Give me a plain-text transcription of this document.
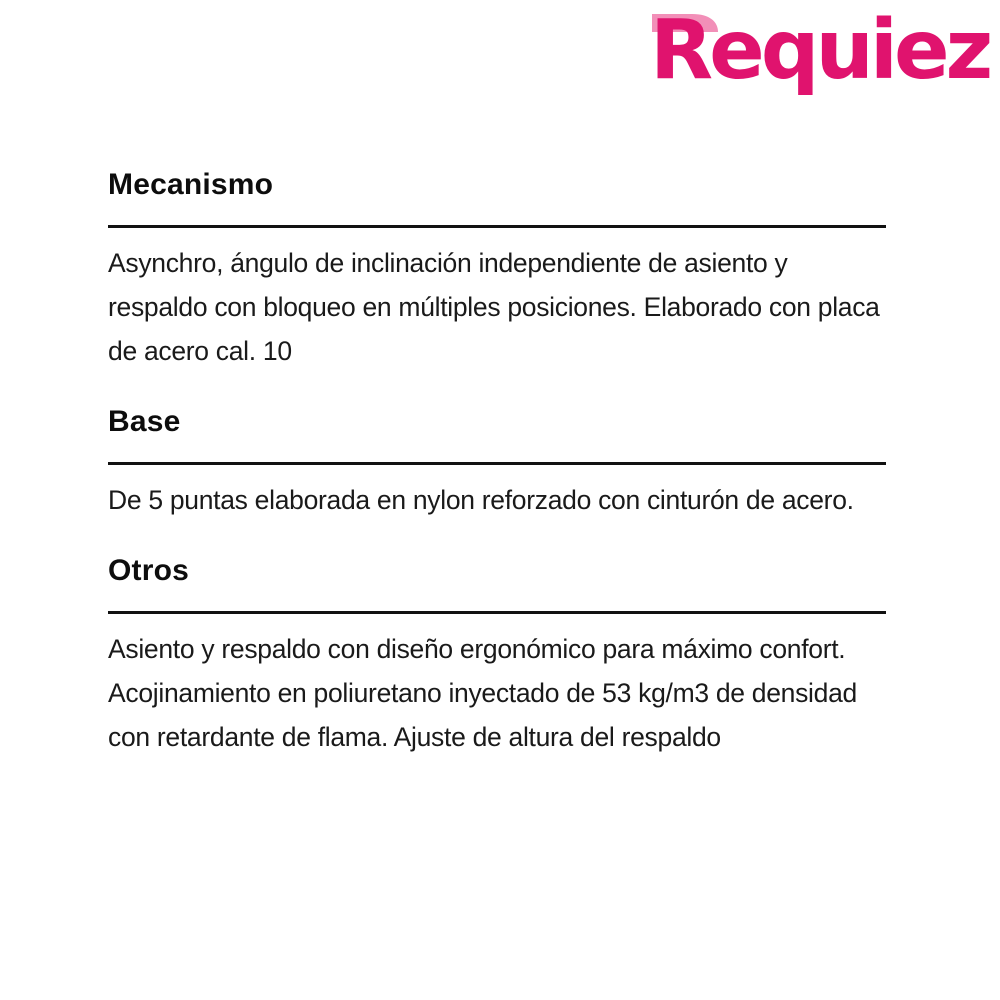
Requiez
Mecanismo

Asynchro, ángulo de inclinación independiente de asiento y respaldo con bloqueo en múltiples posiciones. Elaborado con placa de acero cal. 10

Base

De 5 puntas elaborada en nylon reforzado con cinturón de acero.

Otros

Asiento y respaldo con diseño ergonómico para máximo confort. Acojinamiento en poliuretano inyectado de 53 kg/m3 de densidad con retardante de flama. Ajuste de altura del respaldo
